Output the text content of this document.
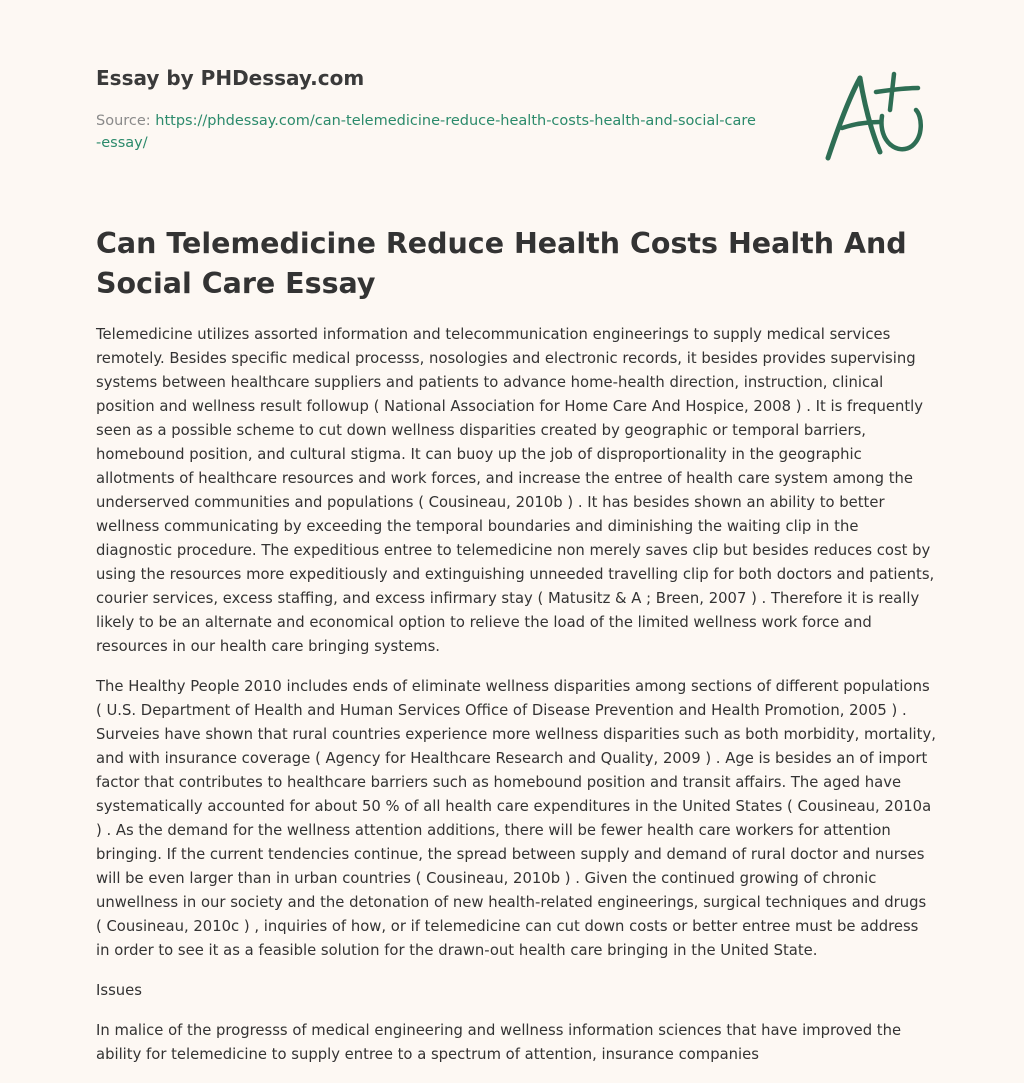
Essay by PHDessay.com
Source: https://phdessay.com/can-telemedicine-reduce-health-costs-health-and-social-care-essay/
Can Telemedicine Reduce Health Costs Health And Social Care Essay

Telemedicine utilizes assorted information and telecommunication engineerings to supply medical services remotely. Besides specific medical processs, nosologies and electronic records, it besides provides supervising systems between healthcare suppliers and patients to advance home-health direction, instruction, clinical position and wellness result followup ( National Association for Home Care And Hospice, 2008 ) . It is frequently seen as a possible scheme to cut down wellness disparities created by geographic or temporal barriers, homebound position, and cultural stigma. It can buoy up the job of disproportionality in the geographic allotments of healthcare resources and work forces, and increase the entree of health care system among the underserved communities and populations ( Cousineau, 2010b ) . It has besides shown an ability to better wellness communicating by exceeding the temporal boundaries and diminishing the waiting clip in the diagnostic procedure. The expeditious entree to telemedicine non merely saves clip but besides reduces cost by using the resources more expeditiously and extinguishing unneeded travelling clip for both doctors and patients, courier services, excess staffing, and excess infirmary stay ( Matusitz & A ; Breen, 2007 ) . Therefore it is really likely to be an alternate and economical option to relieve the load of the limited wellness work force and resources in our health care bringing systems.

The Healthy People 2010 includes ends of eliminate wellness disparities among sections of different populations ( U.S. Department of Health and Human Services Office of Disease Prevention and Health Promotion, 2005 ) . Surveies have shown that rural countries experience more wellness disparities such as both morbidity, mortality, and with insurance coverage ( Agency for Healthcare Research and Quality, 2009 ) . Age is besides an of import factor that contributes to healthcare barriers such as homebound position and transit affairs. The aged have systematically accounted for about 50 % of all health care expenditures in the United States ( Cousineau, 2010a ) . As the demand for the wellness attention additions, there will be fewer health care workers for attention bringing. If the current tendencies continue, the spread between supply and demand of rural doctor and nurses will be even larger than in urban countries ( Cousineau, 2010b ) . Given the continued growing of chronic unwellness in our society and the detonation of new health-related engineerings, surgical techniques and drugs ( Cousineau, 2010c ) , inquiries of how, or if telemedicine can cut down costs or better entree must be address in order to see it as a feasible solution for the drawn-out health care bringing in the United State.

Issues

In malice of the progresss of medical engineering and wellness information sciences that have improved the ability for telemedicine to supply entree to a spectrum of attention, insurance companies
